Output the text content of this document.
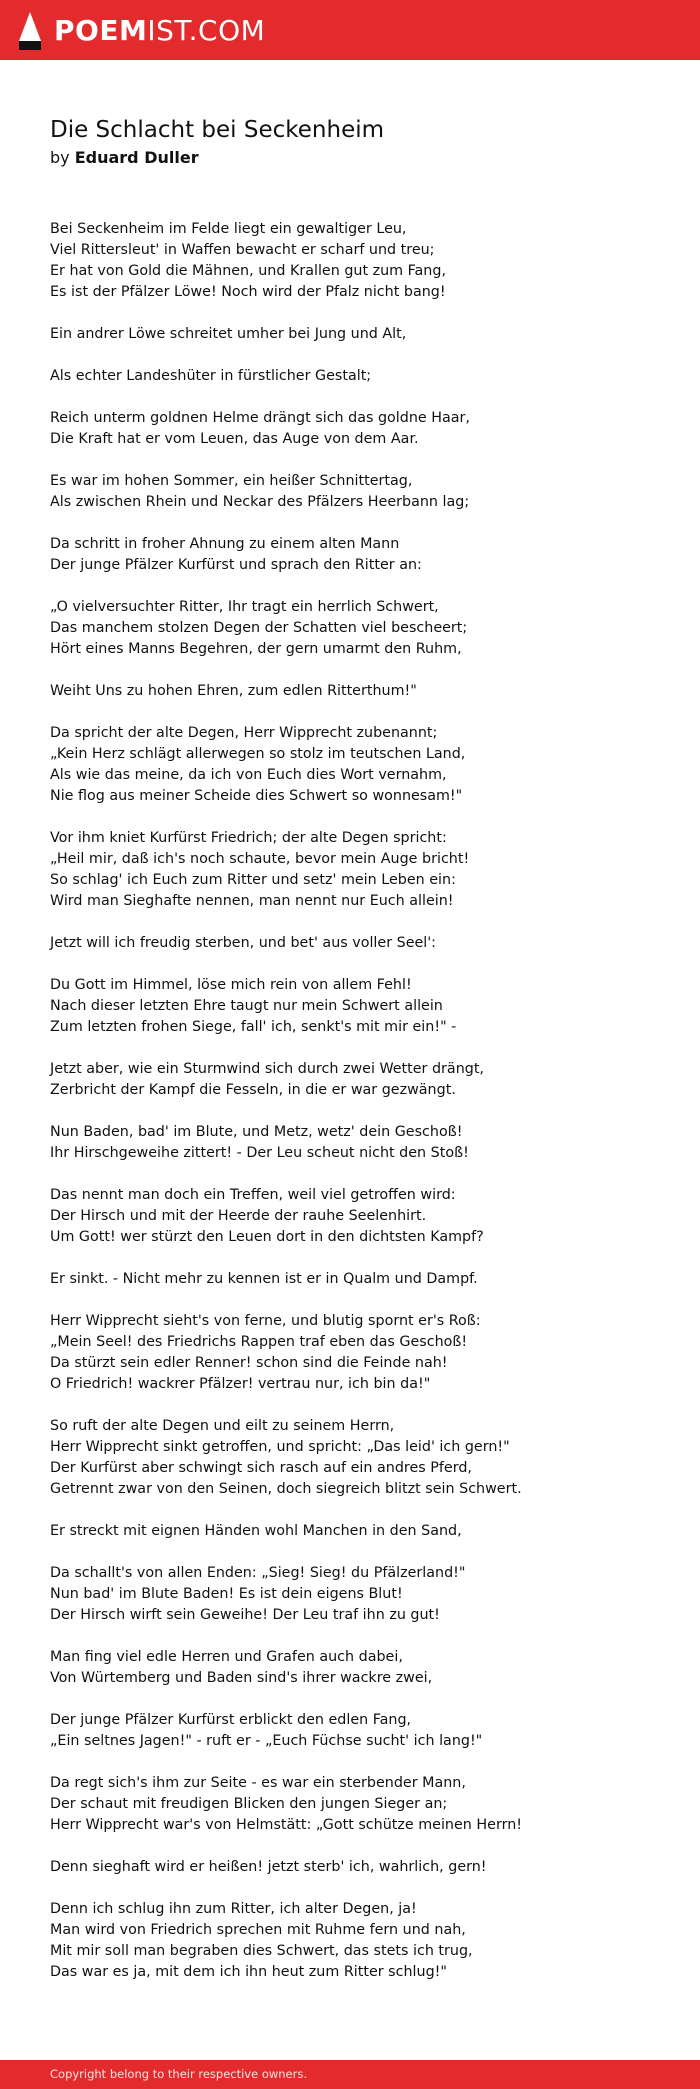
POEMIST.COM
Die Schlacht bei Seckenheim
by Eduard Duller
Bei Seckenheim im Felde liegt ein gewaltiger Leu,
Viel Rittersleut' in Waffen bewacht er scharf und treu;
Er hat von Gold die Mähnen, und Krallen gut zum Fang,
Es ist der Pfälzer Löwe! Noch wird der Pfalz nicht bang!
Ein andrer Löwe schreitet umher bei Jung und Alt,
Als echter Landeshüter in fürstlicher Gestalt;
Reich unterm goldnen Helme drängt sich das goldne Haar,
Die Kraft hat er vom Leuen, das Auge von dem Aar.
Es war im hohen Sommer, ein heißer Schnittertag,
Als zwischen Rhein und Neckar des Pfälzers Heerbann lag;
Da schritt in froher Ahnung zu einem alten Mann
Der junge Pfälzer Kurfürst und sprach den Ritter an:
„O vielversuchter Ritter, Ihr tragt ein herrlich Schwert,
Das manchem stolzen Degen der Schatten viel bescheert;
Hört eines Manns Begehren, der gern umarmt den Ruhm,
Weiht Uns zu hohen Ehren, zum edlen Ritterthum!"
Da spricht der alte Degen, Herr Wipprecht zubenannt;
„Kein Herz schlägt allerwegen so stolz im teutschen Land,
Als wie das meine, da ich von Euch dies Wort vernahm,
Nie flog aus meiner Scheide dies Schwert so wonnesam!"
Vor ihm kniet Kurfürst Friedrich; der alte Degen spricht:
„Heil mir, daß ich's noch schaute, bevor mein Auge bricht!
So schlag' ich Euch zum Ritter und setz' mein Leben ein:
Wird man Sieghafte nennen, man nennt nur Euch allein!
Jetzt will ich freudig sterben, und bet' aus voller Seel':
Du Gott im Himmel, löse mich rein von allem Fehl!
Nach dieser letzten Ehre taugt nur mein Schwert allein
Zum letzten frohen Siege, fall' ich, senkt's mit mir ein!" -
Jetzt aber, wie ein Sturmwind sich durch zwei Wetter drängt,
Zerbricht der Kampf die Fesseln, in die er war gezwängt.
Nun Baden, bad' im Blute, und Metz, wetz' dein Geschoß!
Ihr Hirschgeweihe zittert! - Der Leu scheut nicht den Stoß!
Das nennt man doch ein Treffen, weil viel getroffen wird:
Der Hirsch und mit der Heerde der rauhe Seelenhirt.
Um Gott! wer stürzt den Leuen dort in den dichtsten Kampf?
Er sinkt. - Nicht mehr zu kennen ist er in Qualm und Dampf.
Herr Wipprecht sieht's von ferne, und blutig spornt er's Roß:
„Mein Seel! des Friedrichs Rappen traf eben das Geschoß!
Da stürzt sein edler Renner! schon sind die Feinde nah!
O Friedrich! wackrer Pfälzer! vertrau nur, ich bin da!"
So ruft der alte Degen und eilt zu seinem Herrn,
Herr Wipprecht sinkt getroffen, und spricht: „Das leid' ich gern!"
Der Kurfürst aber schwingt sich rasch auf ein andres Pferd,
Getrennt zwar von den Seinen, doch siegreich blitzt sein Schwert.
Er streckt mit eignen Händen wohl Manchen in den Sand,
Da schallt's von allen Enden: „Sieg! Sieg! du Pfälzerland!"
Nun bad' im Blute Baden! Es ist dein eigens Blut!
Der Hirsch wirft sein Geweihe! Der Leu traf ihn zu gut!
Man fing viel edle Herren und Grafen auch dabei,
Von Würtemberg und Baden sind's ihrer wackre zwei,
Der junge Pfälzer Kurfürst erblickt den edlen Fang,
„Ein seltnes Jagen!" - ruft er - „Euch Füchse sucht' ich lang!"
Da regt sich's ihm zur Seite - es war ein sterbender Mann,
Der schaut mit freudigen Blicken den jungen Sieger an;
Herr Wipprecht war's von Helmstätt: „Gott schütze meinen Herrn!
Denn sieghaft wird er heißen! jetzt sterb' ich, wahrlich, gern!
Denn ich schlug ihn zum Ritter, ich alter Degen, ja!
Man wird von Friedrich sprechen mit Ruhme fern und nah,
Mit mir soll man begraben dies Schwert, das stets ich trug,
Das war es ja, mit dem ich ihn heut zum Ritter schlug!"
Copyright belong to their respective owners.
